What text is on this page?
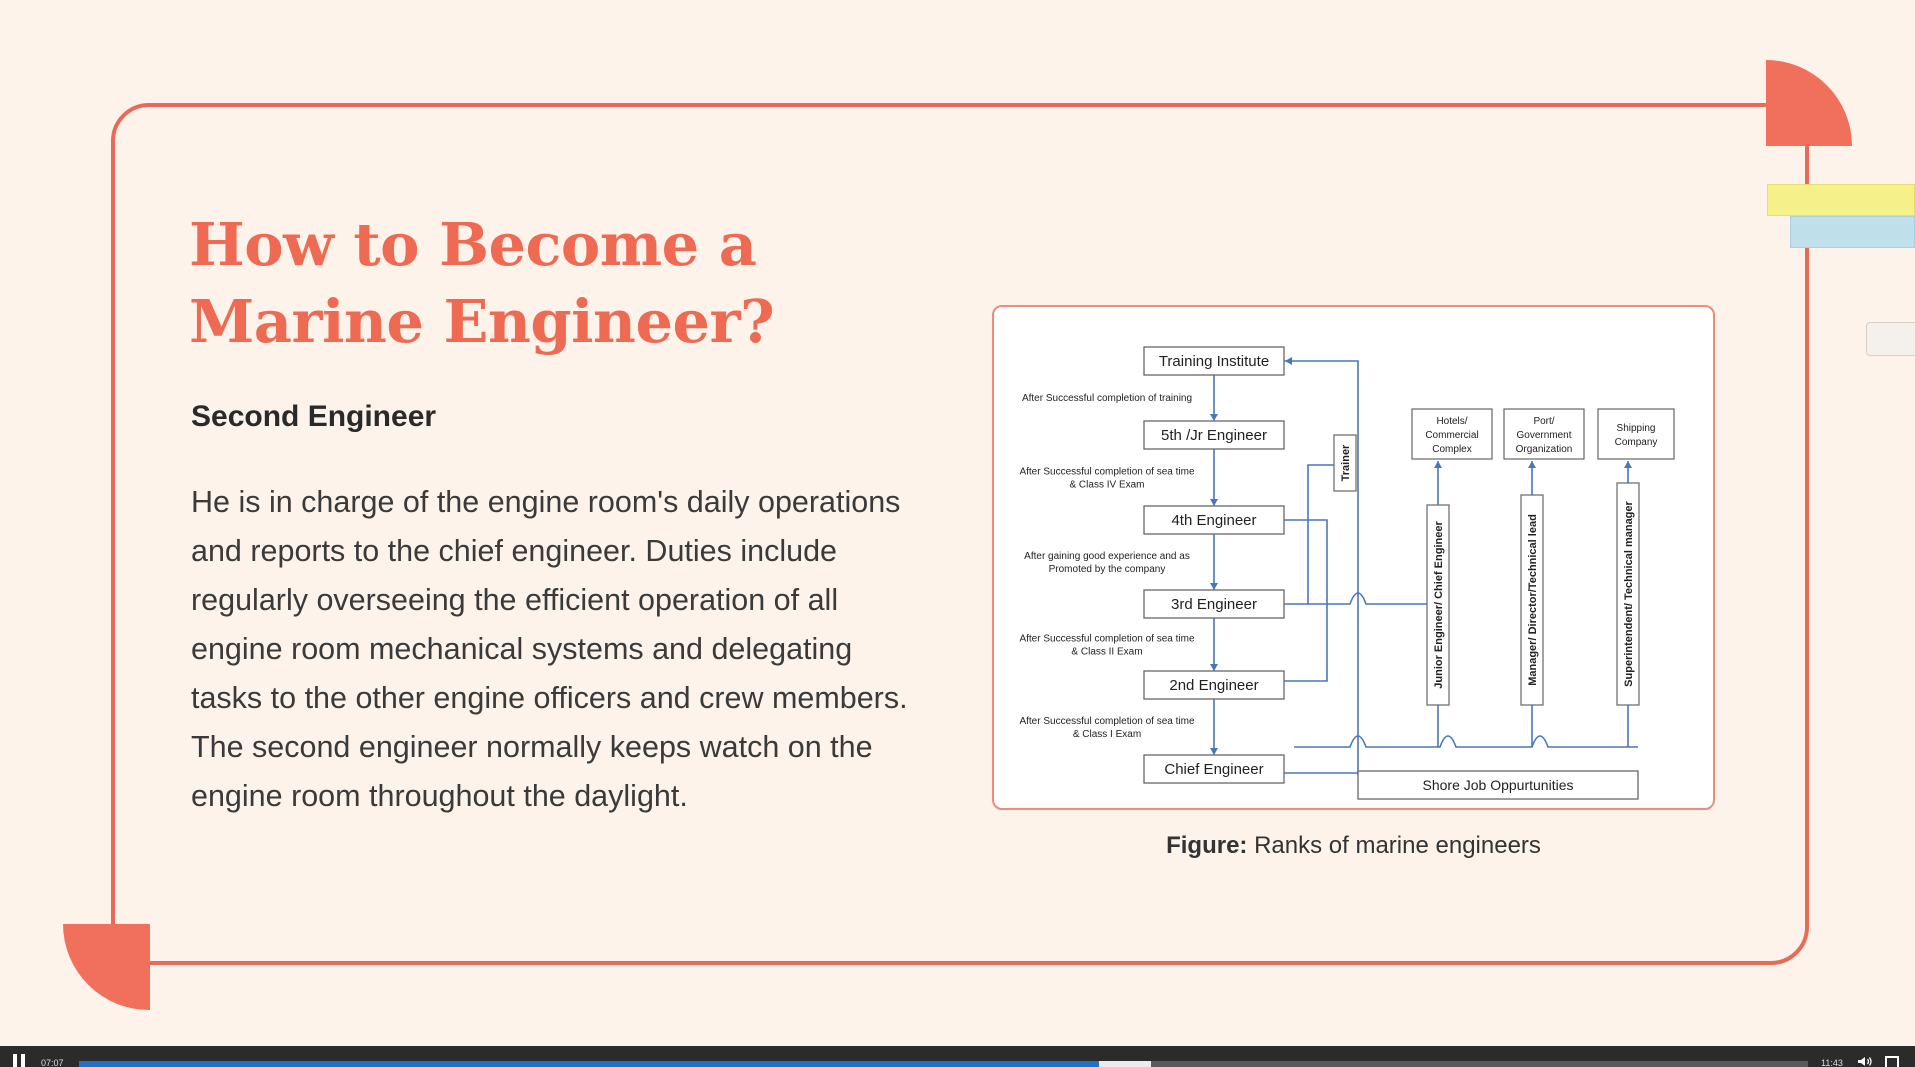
How to Become a Marine Engineer?
Second Engineer

He is in charge of the engine room's daily operations and reports to the chief engineer. Duties include regularly overseeing the efficient operation of all engine room mechanical systems and delegating tasks to the other engine officers and crew members. The second engineer normally keeps watch on the engine room throughout the daylight.

Training Institute
5th /Jr Engineer
4th Engineer
3rd Engineer
2nd Engineer
Chief Engineer
After Successful completion of training
After Successful completion of sea time
& Class IV Exam
After gaining good experience and as
Promoted by the company
After Successful completion of sea time
& Class II Exam
After Successful completion of sea time
& Class I Exam
Trainer
Shore Job Oppurtunities
Hotels/
Commercial
Complex
Port/
Government
Organization
Shipping
Company
Junior Engineer/ Chief Engineer	Manager/ Director/Technical lead	Superintendent/ Technical manager
Figure: Ranks of marine engineers
07:07	11:43
